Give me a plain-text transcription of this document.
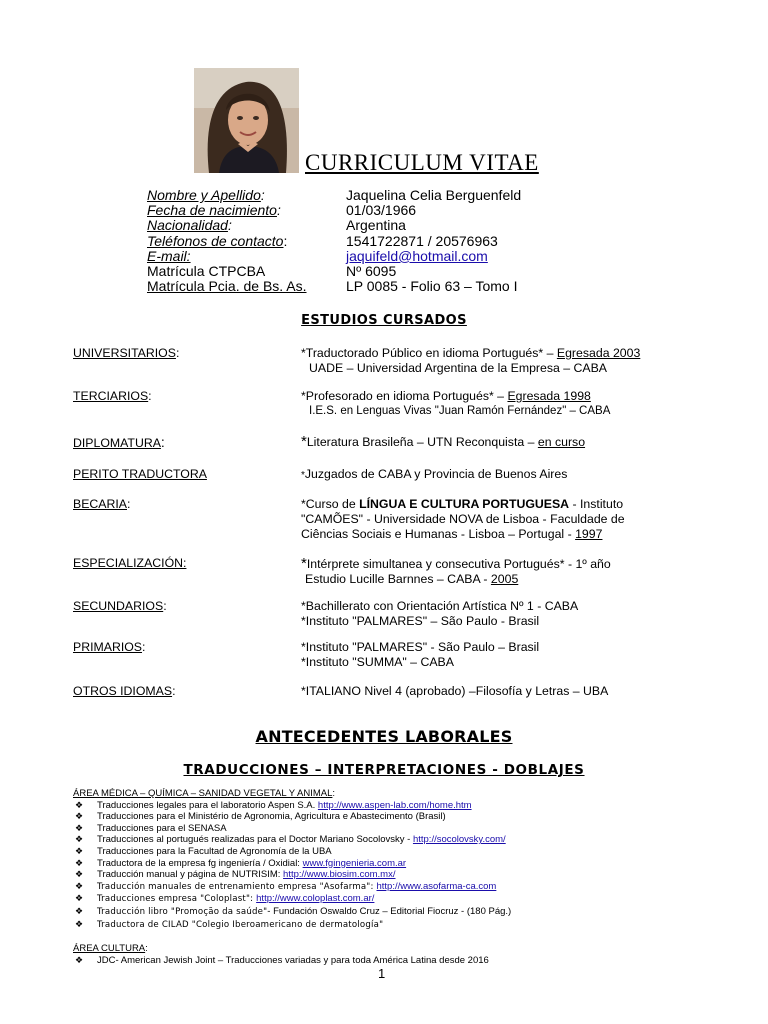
CURRICULUM VITAE
Nombre y Apellido:	Jaquelina Celia Berguenfeld
Fecha de nacimiento:	01/03/1966
Nacionalidad:	Argentina
Teléfonos de contacto:	1541722871 / 20576963
E-mail:	jaquifeld@hotmail.com
Matrícula CTPCBA	Nº 6095
Matrícula Pcia. de Bs. As.	LP 0085 - Folio 63 – Tomo I
ESTUDIOS CURSADOS
UNIVERSITARIOS:	*Traductorado Público en idioma Portugués* – Egresada 2003
UADE – Universidad Argentina de la Empresa – CABA
TERCIARIOS:	*Profesorado en idioma Portugués* – Egresada 1998
I.E.S. en Lenguas Vivas "Juan Ramón Fernández" – CABA
DIPLOMATURA:	*Literatura Brasileña – UTN Reconquista – en curso
PERITO TRADUCTORA	*Juzgados de CABA y Provincia de Buenos Aires
BECARIA:	*Curso de LÍNGUA E CULTURA PORTUGUESA - Instituto
"CAMÕES" - Universidade NOVA de Lisboa - Faculdade de
Ciências Sociais e Humanas - Lisboa – Portugal - 1997
ESPECIALIZACIÓN:	*Intérprete simultanea y consecutiva Portugués* - 1º año
Estudio Lucille Barnnes – CABA - 2005
SECUNDARIOS:	*Bachillerato con Orientación Artística Nº 1 - CABA
*Instituto "PALMARES" – São Paulo - Brasil
PRIMARIOS:	*Instituto "PALMARES" - São Paulo – Brasil
*Instituto "SUMMA" – CABA
OTROS IDIOMAS:	*ITALIANO Nivel 4 (aprobado) –Filosofía y Letras – UBA
ANTECEDENTES LABORALES
TRADUCCIONES – INTERPRETACIONES - DOBLAJES
ÁREA MÉDICA – QUÍMICA – SANIDAD VEGETAL Y ANIMAL:
❖ Traducciones legales para el laboratorio Aspen S.A. http://www.aspen-lab.com/home.htm
❖ Traducciones para el Ministério de Agronomia, Agricultura e Abastecimento (Brasil)
❖ Traducciones para el SENASA
❖ Traducciones al portugués realizadas para el Doctor Mariano Socolovsky - http://socolovsky.com/
❖ Traducciones para la Facultad de Agronomía de la UBA
❖ Traductora de la empresa fg ingeniería / Oxidial: www.fgingenieria.com.ar
❖ Traducción manual y página de NUTRISIM: http://www.biosim.com.mx/
❖ Traducción manuales de entrenamiento empresa "Asofarma": http://www.asofarma-ca.com
❖ Traducciones empresa "Coloplast": http://www.coloplast.com.ar/
❖ Traducción libro "Promoção da saúde"- Fundación Oswaldo Cruz – Editorial Fiocruz - (180 Pág.)
❖ Traductora de CILAD "Colegio Iberoamericano de dermatología"
ÁREA CULTURA:
❖ JDC- American Jewish Joint – Traducciones variadas y para toda América Latina desde 2016
1
